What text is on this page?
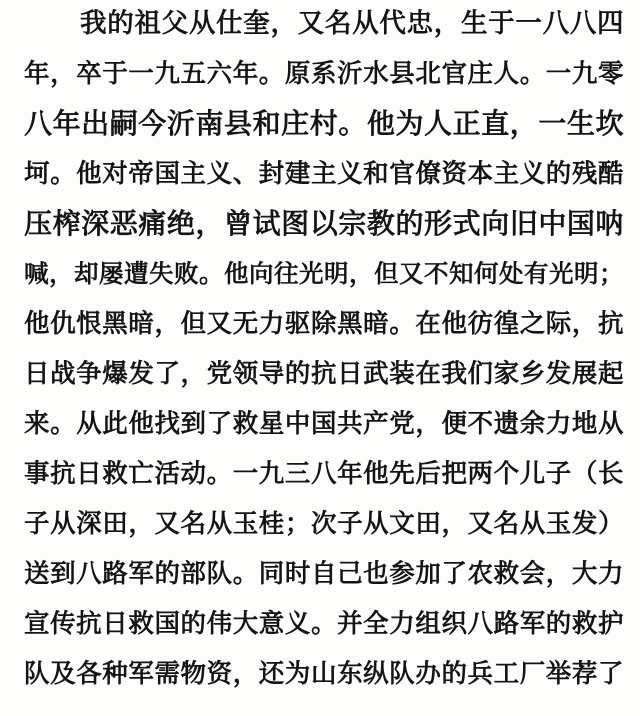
我的祖父从仕奎，又名从代忠，生于一八八四
年，卒于一九五六年。原系沂水县北官庄人。一九零
八年出嗣今沂南县和庄村。他为人正直，一生坎
坷。他对帝国主义、封建主义和官僚资本主义的残酷
压榨深恶痛绝，曾试图以宗教的形式向旧中国呐
喊，却屡遭失败。他向往光明，但又不知何处有光明；
他仇恨黑暗，但又无力驱除黑暗。在他彷徨之际，抗
日战争爆发了，党领导的抗日武装在我们家乡发展起
来。从此他找到了救星中国共产党，便不遗余力地从
事抗日救亡活动。一九三八年他先后把两个儿子（长
子从深田，又名从玉桂；次子从文田，又名从玉发）
送到八路军的部队。同时自己也参加了农救会，大力
宣传抗日救国的伟大意义。并全力组织八路军的救护
队及各种军需物资，还为山东纵队办的兵工厂举荐了
